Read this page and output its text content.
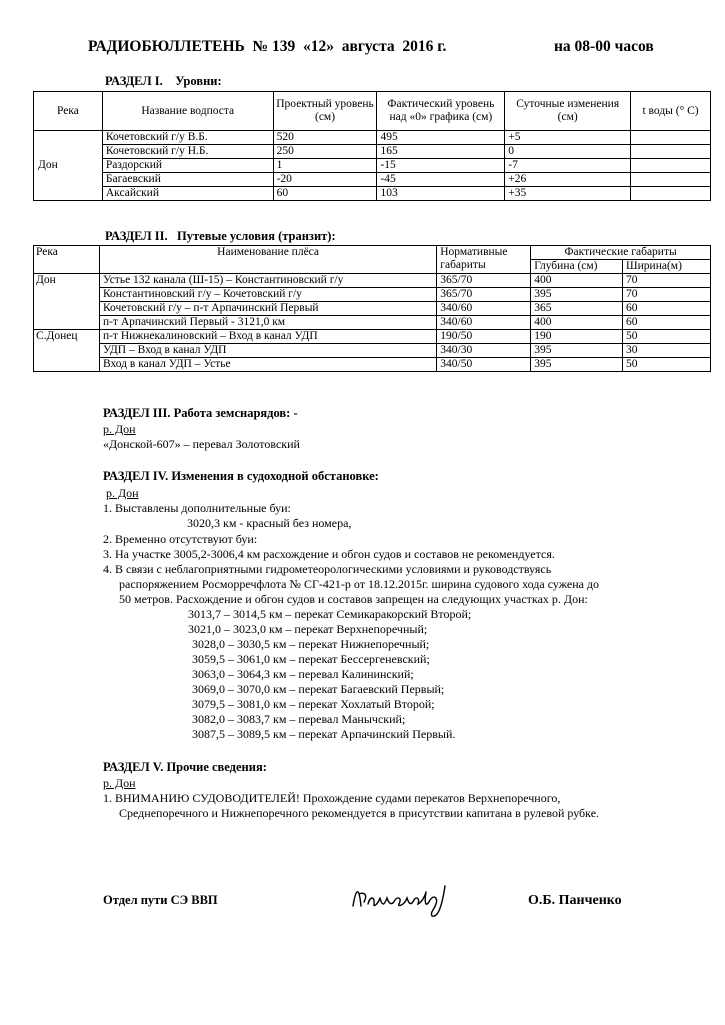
РАДИОБЮЛЛЕТЕНЬ  № 139  «12»  августа  2016 г.	на 08-00 часов
РАЗДЕЛ I.    Уровни:
Река	Название водпоста	Проектный уровень (см)	Фактический уровень над «0» графика (см)	Суточные изменения (см)	t воды (° С)
Дон	Кочетовский г/у В.Б.	520	495	+5	
	Кочетовский г/у Н.Б.	250	165	0	
	Раздорский	1	-15	-7	
	Багаевский	-20	-45	+26	
	Аксайский	60	103	+35	
РАЗДЕЛ II.   Путевые условия (транзит):
Река	Наименование плёса	Нормативные габариты	Фактические габариты	
			Глубина (см)	Ширина(м)
Дон	Устье 132 канала (Ш-15) – Константиновский г/у	365/70	400	70
	Константиновский г/у – Кочетовский г/у	365/70	395	70
	Кочетовский г/у – п-т Арпачинский Первый	340/60	365	60
	п-т Арпачинский Первый - 3121,0 км	340/60	400	60
С.Донец	п-т Нижнекалиновский – Вход в канал УДП	190/50	190	50
	УДП – Вход в канал УДП	340/30	395	30
	Вход в канал УДП – Устье	340/50	395	50
РАЗДЕЛ III. Работа земснарядов: -
р. Дон
«Донской-607» – перевал Золотовский
РАЗДЕЛ IV. Изменения в судоходной обстановке:
р. Дон
1. Выставлены дополнительные буи:
3020,3 км - красный без номера,
2. Временно отсутствуют буи:
3. На участке 3005,2-3006,4 км расхождение и обгон судов и составов не рекомендуется.
4. В связи с неблагоприятными гидрометеорологическими условиями и руководствуясь
распоряжением Росморречфлота № СГ-421-р от 18.12.2015г. ширина судового хода сужена до
50 метров. Расхождение и обгон судов и составов запрещен на следующих участках р. Дон:
3013,7 – 3014,5 км – перекат Семикаракорский Второй;
3021,0 – 3023,0 км – перекат Верхнепоречный;
3028,0 – 3030,5 км – перекат Нижнепоречный;
3059,5 – 3061,0 км – перекат Бессергеневский;
3063,0 – 3064,3 км – перевал Калининский;
3069,0 – 3070,0 км – перекат Багаевский Первый;
3079,5 – 3081,0 км – перекат Хохлатый Второй;
3082,0 – 3083,7 км – перевал Манычский;
3087,5 – 3089,5 км – перекат Арпачинский Первый.
РАЗДЕЛ V. Прочие сведения:
р. Дон
1. ВНИМАНИЮ СУДОВОДИТЕЛЕЙ! Прохождение судами перекатов Верхнепоречного,
Среднепоречного и Нижнепоречного рекомендуется в присутствии капитана в рулевой рубке.
Отдел пути СЭ ВВП	О.Б. Панченко
